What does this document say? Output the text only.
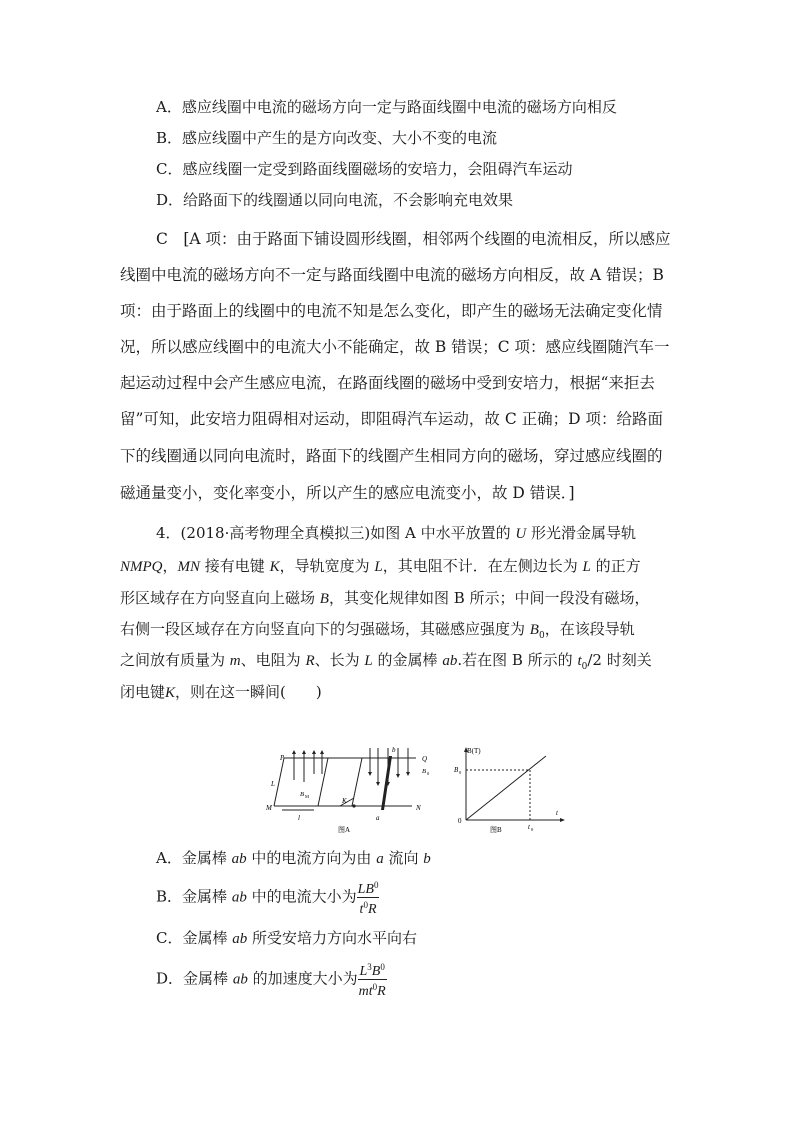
A．感应线圈中电流的磁场方向一定与路面线圈中电流的磁场方向相反
B．感应线圈中产生的是方向改变、大小不变的电流
C．感应线圈一定受到路面线圈磁场的安培力，会阻碍汽车运动
D．给路面下的线圈通以同向电流，不会影响充电效果
C　[A 项：由于路面下铺设圆形线圈，相邻两个线圈的电流相反，所以感应
线圈中电流的磁场方向不一定与路面线圈中电流的磁场方向相反，故 A 错误；B
项：由于路面上的线圈中的电流不知是怎么变化，即产生的磁场无法确定变化情
况，所以感应线圈中的电流大小不能确定，故 B 错误；C 项：感应线圈随汽车一
起运动过程中会产生感应电流，在路面线圈的磁场中受到安培力，根据“来拒去
留”可知，此安培力阻碍相对运动，即阻碍汽车运动，故 C 正确；D 项：给路面
下的线圈通以同向电流时，路面下的线圈产生相同方向的磁场，穿过感应线圈的
磁通量变小，变化率变小，所以产生的感应电流变小，故 D 错误．]
4．(2018·高考物理全真模拟三)如图 A 中水平放置的 U 形光滑金属导轨
NMPQ，MN 接有电键 K，导轨宽度为 L，其电阻不计．在左侧边长为 L 的正方
形区域存在方向竖直向上磁场 B，其变化规律如图 B 所示；中间一段没有磁场，
右侧一段区域存在方向竖直向下的匀强磁场，其磁感应强度为 $B_0$，在该段导轨
之间放有质量为 m、电阻为 R、长为 L 的金属棒 ab.若在图 B 所示的 $t_0/2$ 时刻关
闭电键K，则在这一瞬间(　　)
P	Q
L
M	N
K
l	a
b
B M
B 0
图A
B(T)
B 0
0
t 0
t
图B
A．金属棒 ab 中的电流方向为由 a 流向 b
B．金属棒 ab 中的电流大小为 $\frac{LB^0}{t^0R}$
C．金属棒 ab 所受安培力方向水平向右
D．金属棒 ab 的加速度大小为 $\frac{L^3B^0}{mt^0R}$
